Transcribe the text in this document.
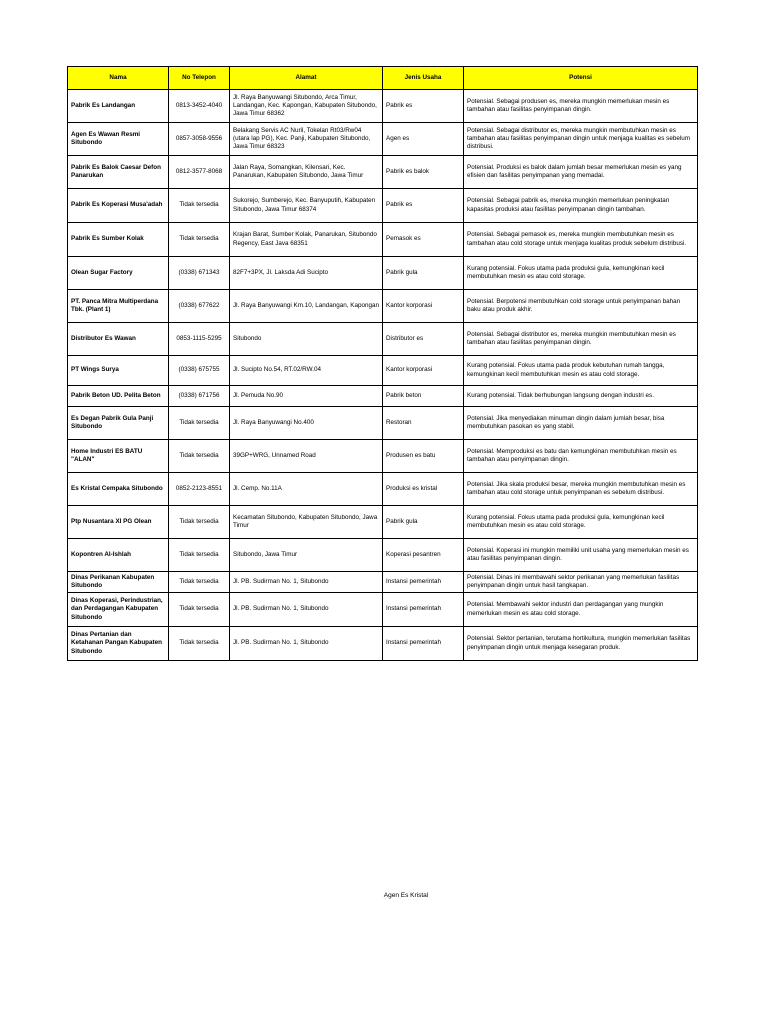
Nama	No Telepon	Alamat	Jenis Usaha	Potensi
Pabrik Es Landangan	0813-3452-4040	Jl. Raya Banyuwangi Situbondo, Arca Timur, Landangan, Kec. Kapongan, Kabupaten Situbondo, Jawa Timur 68362	Pabrik es	Potensial. Sebagai produsen es, mereka mungkin memerlukan mesin es tambahan atau fasilitas penyimpanan dingin.
Agen Es Wawan Resmi Situbondo	0857-3058-9556	Belakang Servis AC Nuril, Tokelan Rt03/Rw04 (utara lap PG), Kec. Panji, Kabupaten Situbondo, Jawa Timur 68323	Agen es	Potensial. Sebagai distributor es, mereka mungkin membutuhkan mesin es tambahan atau fasilitas penyimpanan dingin untuk menjaga kualitas es sebelum distribusi.
Pabrik Es Balok Caesar Defon Panarukan	0812-3577-8068	Jalan Raya, Somangkan, Kilensari, Kec. Panarukan, Kabupaten Situbondo, Jawa Timur	Pabrik es balok	Potensial. Produksi es balok dalam jumlah besar memerlukan mesin es yang efisien dan fasilitas penyimpanan yang memadai.
Pabrik Es Koperasi Musa'adah	Tidak tersedia	Sukorejo, Sumberejo, Kec. Banyuputih, Kabupaten Situbondo, Jawa Timur 68374	Pabrik es	Potensial. Sebagai pabrik es, mereka mungkin memerlukan peningkatan kapasitas produksi atau fasilitas penyimpanan dingin tambahan.
Pabrik Es Sumber Kolak	Tidak tersedia	Krajan Barat, Sumber Kolak, Panarukan, Situbondo Regency, East Java 68351	Pemasok es	Potensial. Sebagai pemasok es, mereka mungkin membutuhkan mesin es tambahan atau cold storage untuk menjaga kualitas produk sebelum distribusi.
Olean Sugar Factory	(0338) 671343	82F7+3PX, Jl. Laksda Adi Sucipto	Pabrik gula	Kurang potensial. Fokus utama pada produksi gula, kemungkinan kecil membutuhkan mesin es atau cold storage.
PT. Panca Mitra Multiperdana Tbk. (Plant 1)	(0338) 677622	Jl. Raya Banyuwangi Km.10, Landangan, Kapongan	Kantor korporasi	Potensial. Berpotensi membutuhkan cold storage untuk penyimpanan bahan baku atau produk akhir.
Distributor Es Wawan	0853-1115-5295	Situbondo	Distributor es	Potensial. Sebagai distributor es, mereka mungkin membutuhkan mesin es tambahan atau fasilitas penyimpanan dingin.
PT Wings Surya	(0338) 675755	Jl. Sucipto No.54, RT.02/RW.04	Kantor korporasi	Kurang potensial. Fokus utama pada produk kebutuhan rumah tangga, kemungkinan kecil membutuhkan mesin es atau cold storage.
Pabrik Beton UD. Pelita Beton	(0338) 671756	Jl. Pemuda No.90	Pabrik beton	Kurang potensial. Tidak berhubungan langsung dengan industri es.
Es Degan Pabrik Gula Panji Situbondo	Tidak tersedia	Jl. Raya Banyuwangi No.400	Restoran	Potensial. Jika menyediakan minuman dingin dalam jumlah besar, bisa membutuhkan pasokan es yang stabil.
Home Industri ES BATU "ALAN"	Tidak tersedia	39GP+WRG, Unnamed Road	Produsen es batu	Potensial. Memproduksi es batu dan kemungkinan membutuhkan mesin es tambahan atau penyimpanan dingin.
Es Kristal Cempaka Situbondo	0852-2123-8551	Jl. Cemp. No.11A	Produksi es kristal	Potensial. Jika skala produksi besar, mereka mungkin membutuhkan mesin es tambahan atau cold storage untuk penyimpanan es sebelum distribusi.
Ptp Nusantara XI PG Olean	Tidak tersedia	Kecamatan Situbondo, Kabupaten Situbondo, Jawa Timur	Pabrik gula	Kurang potensial. Fokus utama pada produksi gula, kemungkinan kecil membutuhkan mesin es atau cold storage.
Kopontren Al-Ishlah	Tidak tersedia	Situbondo, Jawa Timur	Koperasi pesantren	Potensial. Koperasi ini mungkin memiliki unit usaha yang memerlukan mesin es atau fasilitas penyimpanan dingin.
Dinas Perikanan Kabupaten Situbondo	Tidak tersedia	Jl. PB. Sudirman No. 1, Situbondo	Instansi pemerintah	Potensial. Dinas ini membawahi sektor perikanan yang memerlukan fasilitas penyimpanan dingin untuk hasil tangkapan.
Dinas Koperasi, Perindustrian, dan Perdagangan Kabupaten Situbondo	Tidak tersedia	Jl. PB. Sudirman No. 1, Situbondo	Instansi pemerintah	Potensial. Membawahi sektor industri dan perdagangan yang mungkin memerlukan mesin es atau cold storage.
Dinas Pertanian dan Ketahanan Pangan Kabupaten Situbondo	Tidak tersedia	Jl. PB. Sudirman No. 1, Situbondo	Instansi pemerintah	Potensial. Sektor pertanian, terutama hortikultura, mungkin memerlukan fasilitas penyimpanan dingin untuk menjaga kesegaran produk.
Agen Es Kristal
